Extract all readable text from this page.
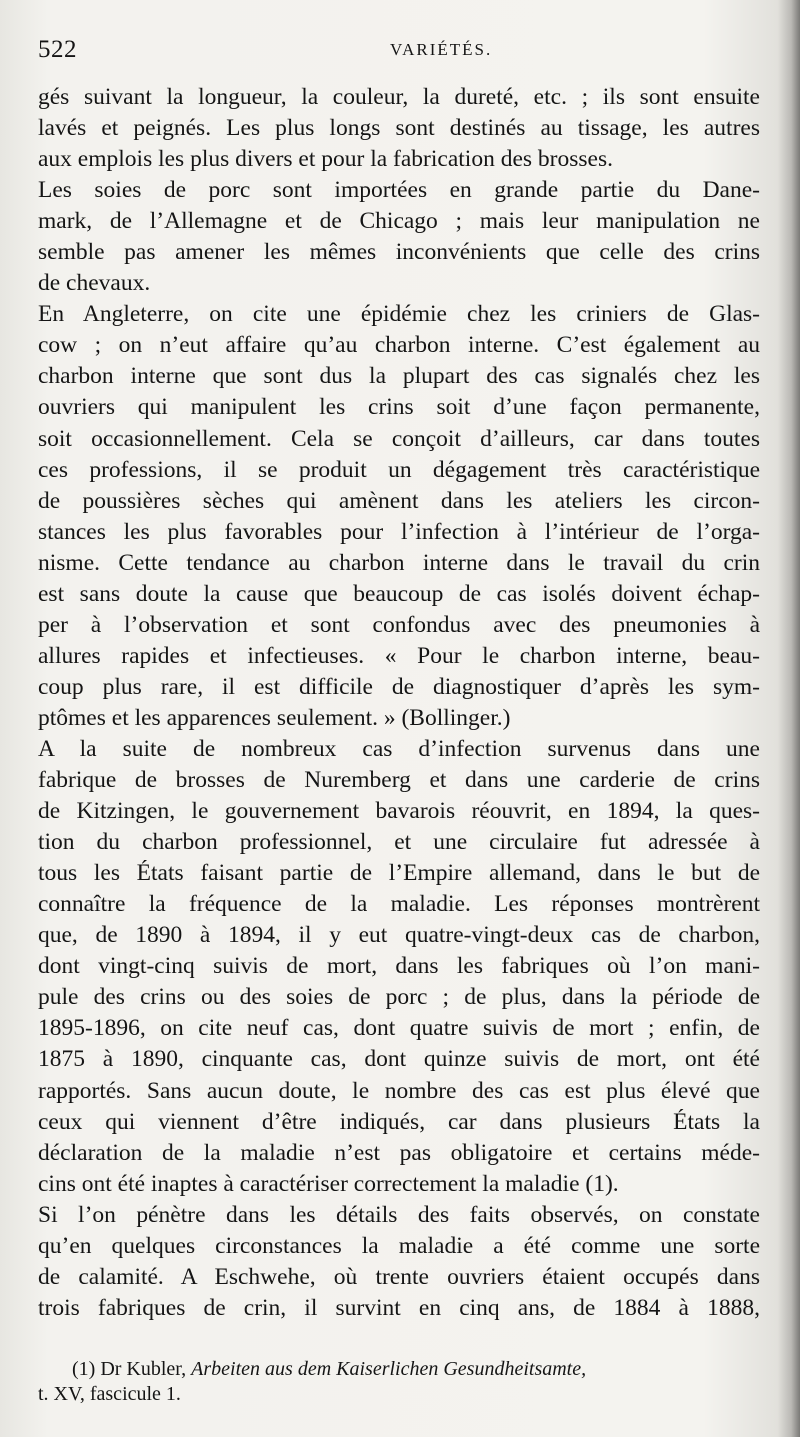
522	VARIÉTÉS.
gés suivant la longueur, la couleur, la dureté, etc. ; ils sont ensuite
lavés et peignés. Les plus longs sont destinés au tissage, les autres
aux emplois les plus divers et pour la fabrication des brosses.
Les soies de porc sont importées en grande partie du Dane-
mark, de l’Allemagne et de Chicago ; mais leur manipulation ne
semble pas amener les mêmes inconvénients que celle des crins
de chevaux.
En Angleterre, on cite une épidémie chez les criniers de Glas-
cow ; on n’eut affaire qu’au charbon interne. C’est également au
charbon interne que sont dus la plupart des cas signalés chez les
ouvriers qui manipulent les crins soit d’une façon permanente,
soit occasionnellement. Cela se conçoit d’ailleurs, car dans toutes
ces professions, il se produit un dégagement très caractéristique
de poussières sèches qui amènent dans les ateliers les circon-
stances les plus favorables pour l’infection à l’intérieur de l’orga-
nisme. Cette tendance au charbon interne dans le travail du crin
est sans doute la cause que beaucoup de cas isolés doivent échap-
per à l’observation et sont confondus avec des pneumonies à
allures rapides et infectieuses. « Pour le charbon interne, beau-
coup plus rare, il est difficile de diagnostiquer d’après les sym-
ptômes et les apparences seulement. » (Bollinger.)
A la suite de nombreux cas d’infection survenus dans une
fabrique de brosses de Nuremberg et dans une carderie de crins
de Kitzingen, le gouvernement bavarois réouvrit, en 1894, la ques-
tion du charbon professionnel, et une circulaire fut adressée à
tous les États faisant partie de l’Empire allemand, dans le but de
connaître la fréquence de la maladie. Les réponses montrèrent
que, de 1890 à 1894, il y eut quatre-vingt-deux cas de charbon,
dont vingt-cinq suivis de mort, dans les fabriques où l’on mani-
pule des crins ou des soies de porc ; de plus, dans la période de
1895-1896, on cite neuf cas, dont quatre suivis de mort ; enfin, de
1875 à 1890, cinquante cas, dont quinze suivis de mort, ont été
rapportés. Sans aucun doute, le nombre des cas est plus élevé que
ceux qui viennent d’être indiqués, car dans plusieurs États la
déclaration de la maladie n’est pas obligatoire et certains méde-
cins ont été inaptes à caractériser correctement la maladie (1).
Si l’on pénètre dans les détails des faits observés, on constate
qu’en quelques circonstances la maladie a été comme une sorte
de calamité. A Eschwehe, où trente ouvriers étaient occupés dans
trois fabriques de crin, il survint en cinq ans, de 1884 à 1888,
(1) Dr Kubler, Arbeiten aus dem Kaiserlichen Gesundheitsamte,
t. XV, fascicule 1.
